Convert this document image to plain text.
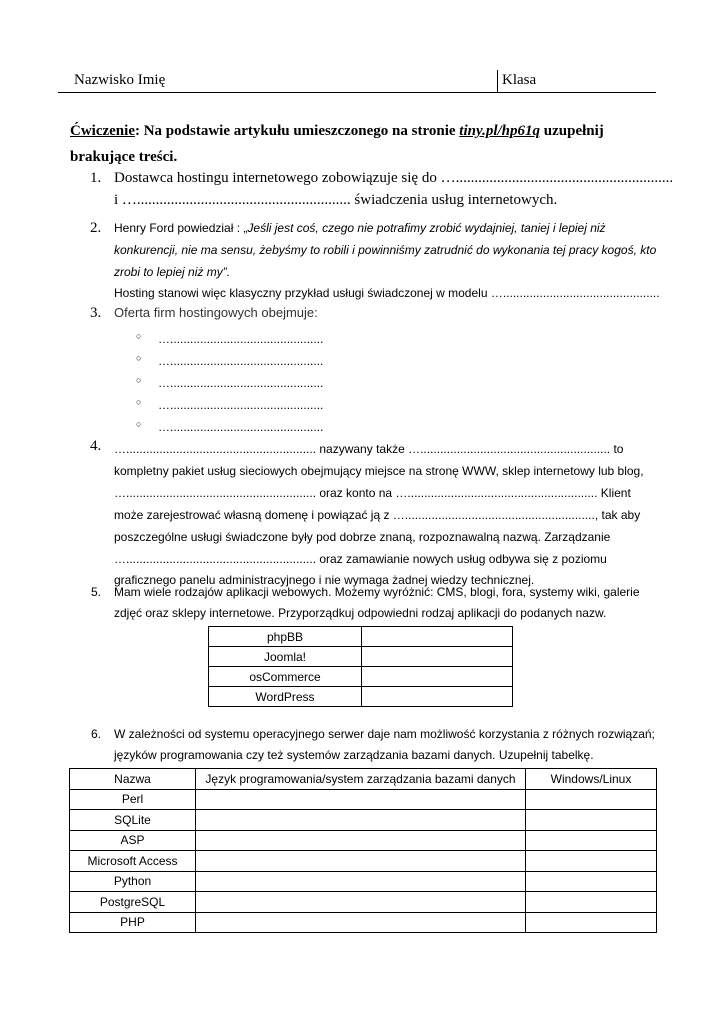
Nazwisko Imię	Klasa
Ćwiczenie: Na podstawie artykułu umieszczonego na stronie tiny.pl/hp61q uzupełnij
brakujące treści.
1. Dostawca hostingu internetowego zobowiązuje się do …..........................................................
i …......................................................... świadczenia usług internetowych.
2. Henry Ford powiedział : „Jeśli jest coś, czego nie potrafimy zrobić wydajniej, taniej i lepiej niż
konkurencji, nie ma sensu, żebyśmy to robili i powinniśmy zatrudnić do wykonania tej pracy kogoś, kto
zrobi to lepiej niż my”.
Hosting stanowi więc klasyczny przykład usługi świadczonej w modelu …...............................................
3. Oferta firm hostingowych obejmuje:
○ …..............................................
○ …..............................................
○ …..............................................
○ …..............................................
○ …..............................................
4. …......................................................... nazywany także …......................................................... to
kompletny pakiet usług sieciowych obejmujący miejsce na stronę WWW, sklep internetowy lub blog,
…......................................................... oraz konto na …......................................................... Klient
może zarejestrować własną domenę i powiązać ją z …........................................................., tak aby
poszczególne usługi świadczone były pod dobrze znaną, rozpoznawalną nazwą. Zarządzanie
…......................................................... oraz zamawianie nowych usług odbywa się z poziomu
graficznego panelu administracyjnego i nie wymaga żadnej wiedzy technicznej.
5. Mam wiele rodzajów aplikacji webowych. Możemy wyróżnić: CMS, blogi, fora, systemy wiki, galerie
zdjęć oraz sklepy internetowe. Przyporządkuj odpowiedni rodzaj aplikacji do podanych nazw.
phpBB	
Joomla!	
osCommerce	
WordPress	
6. W zależności od systemu operacyjnego serwer daje nam możliwość korzystania z różnych rozwiązań;
języków programowania czy też systemów zarządzania bazami danych. Uzupełnij tabelkę.
Nazwa	Język programowania/system zarządzania bazami danych	Windows/Linux
Perl		
SQLite		
ASP		
Microsoft Access		
Python		
PostgreSQL		
PHP		
